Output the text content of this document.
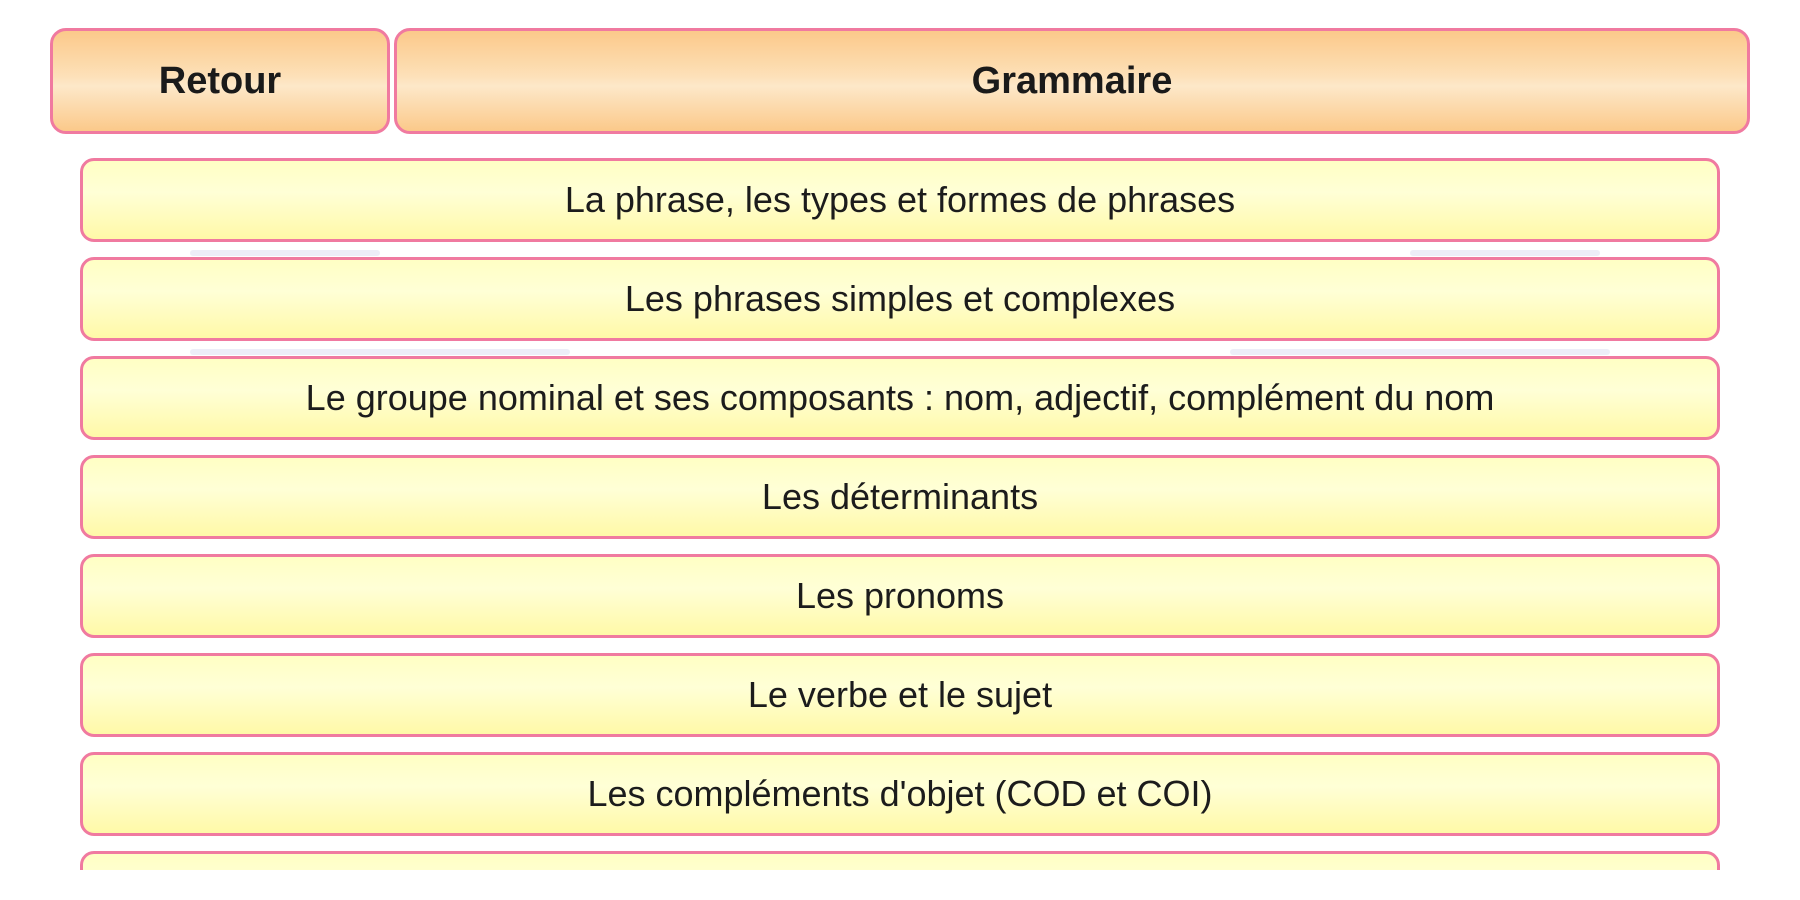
Retour	Grammaire
La phrase, les types et formes de phrases
Les phrases simples et complexes
Le groupe nominal et ses composants : nom, adjectif, complément du nom
Les déterminants
Les pronoms
Le verbe et le sujet
Les compléments d'objet (COD et COI)
